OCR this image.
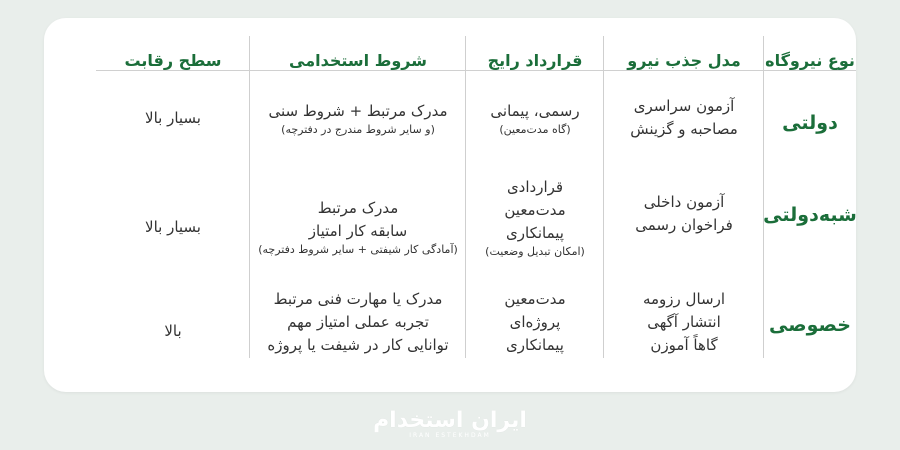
نوع نیروگاه
مدل جذب نیرو
قرارداد رایج
شروط استخدامی
سطح رقابت
دولتی
آزمون سراسری
مصاحبه و گزینش
رسمی، پیمانی
(گاه مدت‌معین)
مدرک مرتبط + شروط سنی
(و سایر شروط مندرج در دفترچه)
بسیار بالا
شبه‌دولتی
آزمون داخلی
فراخوان رسمی
قراردادی
مدت‌معین
پیمانکاری
(امکان تبدیل وضعیت)
مدرک مرتبط
سابقه کار امتیاز
(آمادگی کار شیفتی + سایر شروط دفترچه)
بسیار بالا
خصوصی
ارسال رزومه
انتشار آگهی
گاهاً آموزن
مدت‌معین
پروژه‌ای
پیمانکاری
مدرک یا مهارت فنی مرتبط
تجربه عملی امتیاز مهم
توانایی کار در شیفت یا پروژه
بالا
ایران استخدام
IRAN ESTEKHDAM
